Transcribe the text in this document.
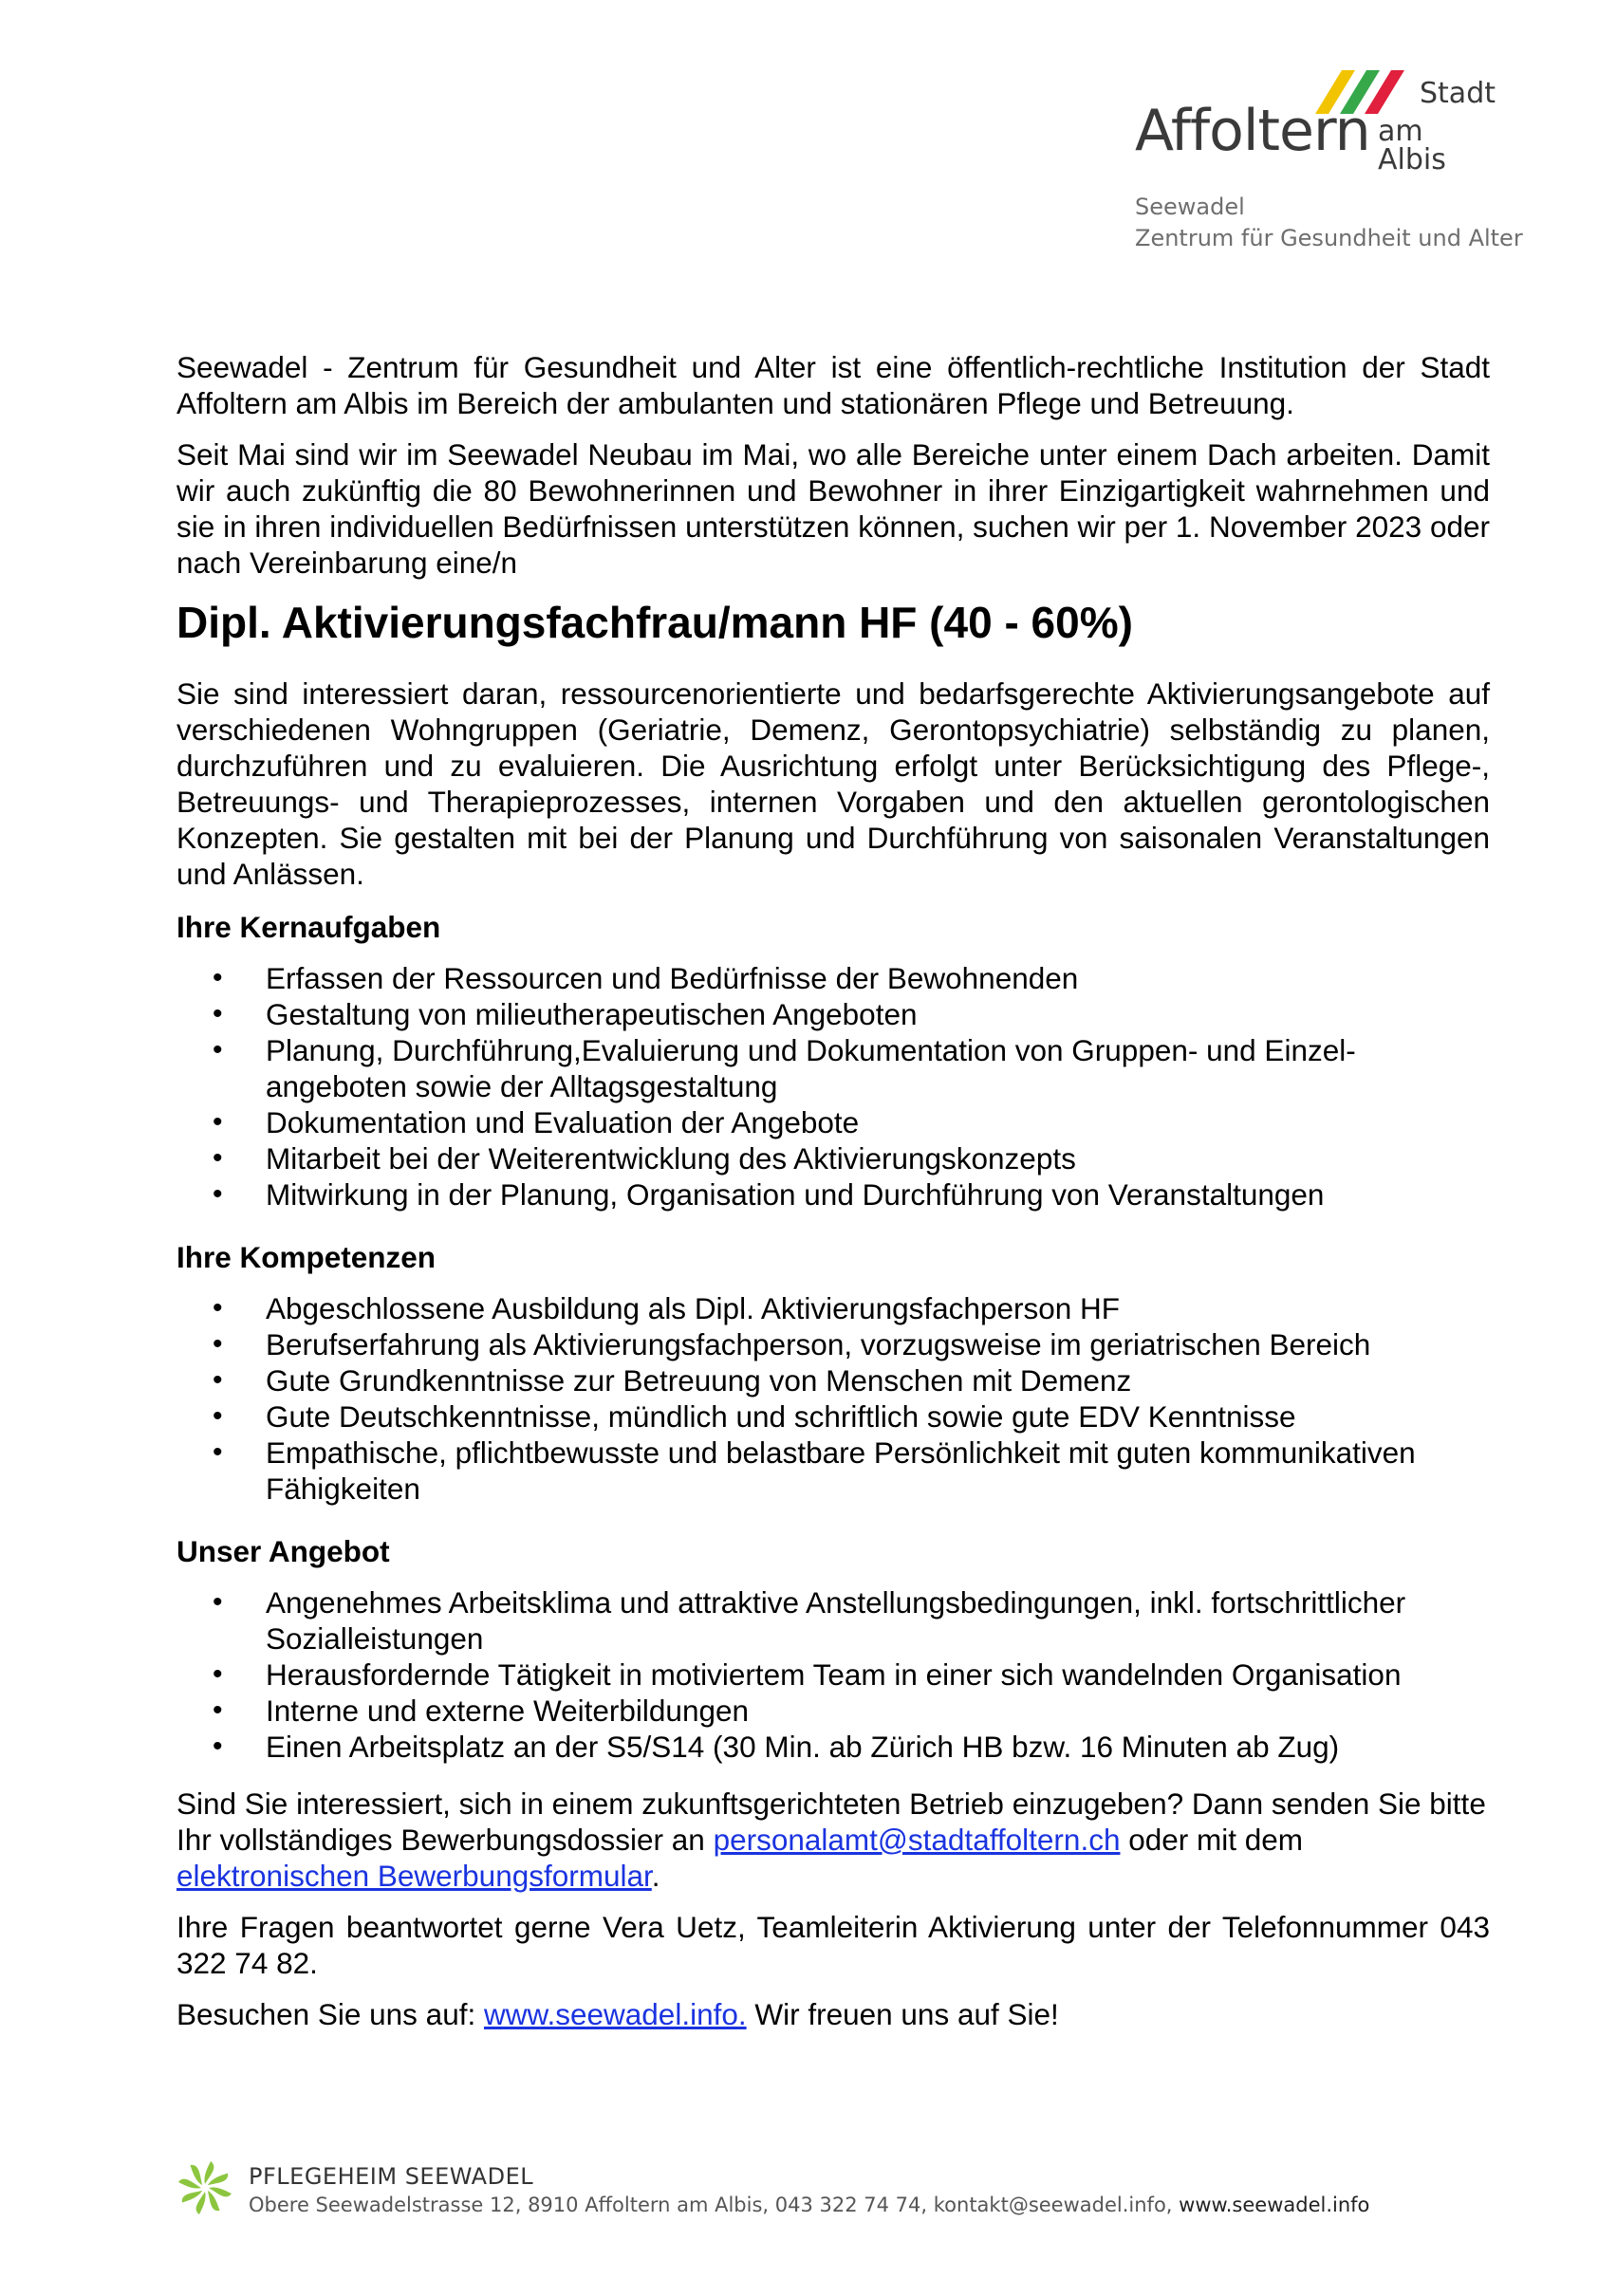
Affoltern
Stadt
am Albis
Seewadel
Zentrum für Gesundheit und Alter

Seewadel - Zentrum für Gesundheit und Alter ist eine öffentlich-rechtliche Institution der Stadt Affoltern am Albis im Bereich der ambulanten und stationären Pflege und Betreuung.

Seit Mai sind wir im Seewadel Neubau im Mai, wo alle Bereiche unter einem Dach arbeiten. Damit wir auch zukünftig die 80 Bewohnerinnen und Bewohner in ihrer Einzigartigkeit wahrnehmen und sie in ihren individuellen Bedürfnissen unterstützen können, suchen wir per 1. November 2023 oder nach Vereinbarung eine/n

Dipl. Aktivierungsfachfrau/mann HF (40 - 60%)

Sie sind interessiert daran, ressourcenorientierte und bedarfsgerechte Aktivierungsangebote auf verschiedenen Wohngruppen (Geriatrie, Demenz, Gerontopsychiatrie) selbständig zu planen, durchzuführen und zu evaluieren. Die Ausrichtung erfolgt unter Berücksichtigung des Pflege-, Betreuungs- und Therapieprozesses, internen Vorgaben und den aktuellen gerontologischen Konzepten. Sie gestalten mit bei der Planung und Durchführung von saisonalen Veranstaltungen und Anlässen.

Ihre Kernaufgaben
• Erfassen der Ressourcen und Bedürfnisse der Bewohnenden
• Gestaltung von milieutherapeutischen Angeboten
• Planung, Durchführung,Evaluierung und Dokumentation von Gruppen- und Einzel-
angeboten sowie der Alltagsgestaltung
• Dokumentation und Evaluation der Angebote
• Mitarbeit bei der Weiterentwicklung des Aktivierungskonzepts
• Mitwirkung in der Planung, Organisation und Durchführung von Veranstaltungen
Ihre Kompetenzen
• Abgeschlossene Ausbildung als Dipl. Aktivierungsfachperson HF
• Berufserfahrung als Aktivierungsfachperson, vorzugsweise im geriatrischen Bereich
• Gute Grundkenntnisse zur Betreuung von Menschen mit Demenz
• Gute Deutschkenntnisse, mündlich und schriftlich sowie gute EDV Kenntnisse
• Empathische, pflichtbewusste und belastbare Persönlichkeit mit guten kommunikativen
Fähigkeiten
Unser Angebot
• Angenehmes Arbeitsklima und attraktive Anstellungsbedingungen, inkl. fortschrittlicher
Sozialleistungen
• Herausfordernde Tätigkeit in motiviertem Team in einer sich wandelnden Organisation
• Interne und externe Weiterbildungen
• Einen Arbeitsplatz an der S5/S14 (30 Min. ab Zürich HB bzw. 16 Minuten ab Zug)

Sind Sie interessiert, sich in einem zukunftsgerichteten Betrieb einzugeben? Dann senden Sie bitte Ihr vollständiges Bewerbungsdossier an personalamt@stadtaffoltern.ch oder mit dem
elektronischen Bewerbungsformular.

Ihre Fragen beantwortet gerne Vera Uetz, Teamleiterin Aktivierung unter der Telefonnummer 043 322 74 82.

Besuchen Sie uns auf: www.seewadel.info. Wir freuen uns auf Sie!

PFLEGEHEIM SEEWADEL
Obere Seewadelstrasse 12, 8910 Affoltern am Albis, 043 322 74 74, kontakt@seewadel.info, www.seewadel.info
